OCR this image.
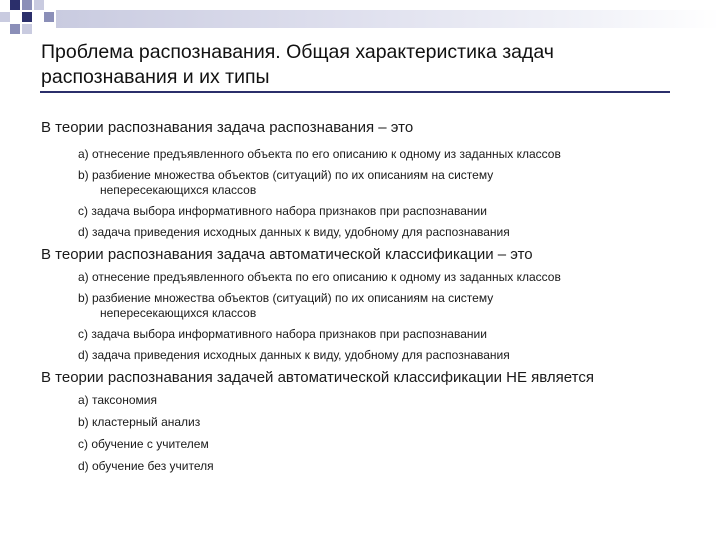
Проблема распознавания. Общая характеристика задач распознавания и их типы
В теории распознавания задача распознавания – это
a) отнесение предъявленного объекта по его описанию к одному из заданных классов
b) разбиение множества объектов (ситуаций) по их описаниям на систему
непересекающихся классов
c) задача выбора информативного набора признаков при распознавании
d) задача приведения исходных данных к виду, удобному для распознавания
В теории распознавания задача автоматической классификации – это
a) отнесение предъявленного объекта по его описанию к одному из заданных классов
b) разбиение множества объектов (ситуаций) по их описаниям на систему
непересекающихся классов
c) задача выбора информативного набора признаков при распознавании
d) задача приведения исходных данных к виду, удобному для распознавания
В теории распознавания задачей автоматической классификации НЕ является
a) таксономия
b) кластерный анализ
c) обучение с учителем
d) обучение без учителя
